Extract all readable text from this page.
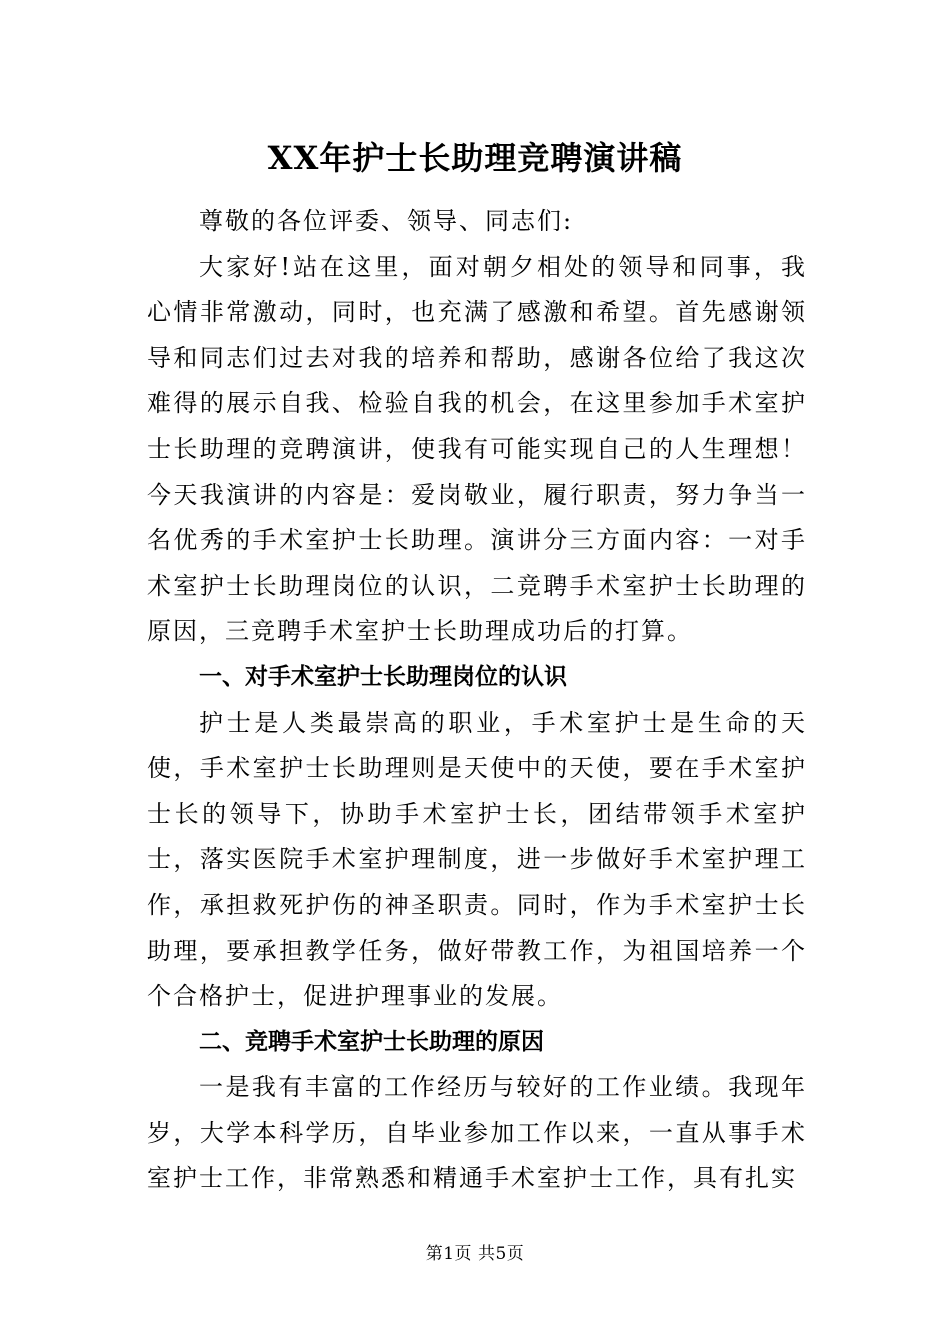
XX年护士长助理竞聘演讲稿

尊敬的各位评委、领导、同志们:

大家好!站在这里，面对朝夕相处的领导和同事，我心情非常激动，同时，也充满了感激和希望。首先感谢领导和同志们过去对我的培养和帮助，感谢各位给了我这次难得的展示自我、检验自我的机会，在这里参加手术室护士长助理的竞聘演讲，使我有可能实现自己的人生理想！今天我演讲的内容是：爱岗敬业，履行职责，努力争当一名优秀的手术室护士长助理。演讲分三方面内容：一对手术室护士长助理岗位的认识，二竞聘手术室护士长助理的原因，三竞聘手术室护士长助理成功后的打算。

一、对手术室护士长助理岗位的认识

护士是人类最崇高的职业，手术室护士是生命的天使，手术室护士长助理则是天使中的天使，要在手术室护士长的领导下，协助手术室护士长，团结带领手术室护士，落实医院手术室护理制度，进一步做好手术室护理工作，承担救死护伤的神圣职责。同时，作为手术室护士长助理，要承担教学任务，做好带教工作，为祖国培养一个个合格护士，促进护理事业的发展。

二、竞聘手术室护士长助理的原因

一是我有丰富的工作经历与较好的工作业绩。我现年岁，大学本科学历，自毕业参加工作以来，一直从事手术室护士工作，非常熟悉和精通手术室护士工作，具有扎实

第1页 共5页
